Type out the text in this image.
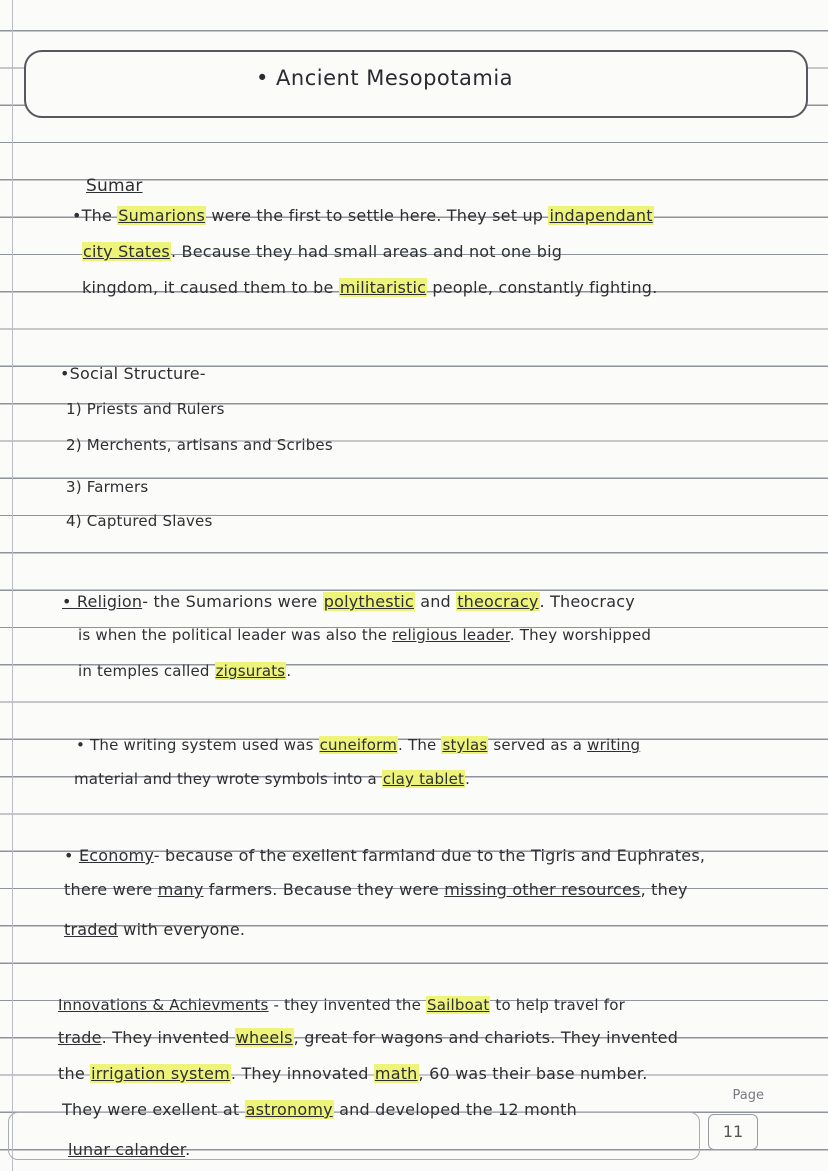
• Ancient Mesopotamia
Sumar
•The Sumarions were the first to settle here. They set up indapendant
city States. Because they had small areas and not one big
kingdom, it caused them to be militaristic people, constantly fighting.
•Social Structure-
1) Priests and Rulers
2) Merchents, artisans and Scribes
3) Farmers
4) Captured Slaves
• Religion- the Sumarions were polythestic and theocracy. Theocracy
is when the political leader was also the religious leader. They worshipped
in temples called zigsurats.
• The writing system used was cuneiform. The stylas served as a writing
material and they wrote symbols into a clay tablet.
• Economy- because of the exellent farmland due to the Tigris and Euphrates,
there were many farmers. Because they were missing other resources, they
traded with everyone.
Innovations & Achievments - they invented the Sailboat to help travel for
trade. They invented wheels, great for wagons and chariots. They invented
the irrigation system. They innovated math, 60 was their base number.
They were exellent at astronomy and developed the 12 month
lunar calander.
Page
11
